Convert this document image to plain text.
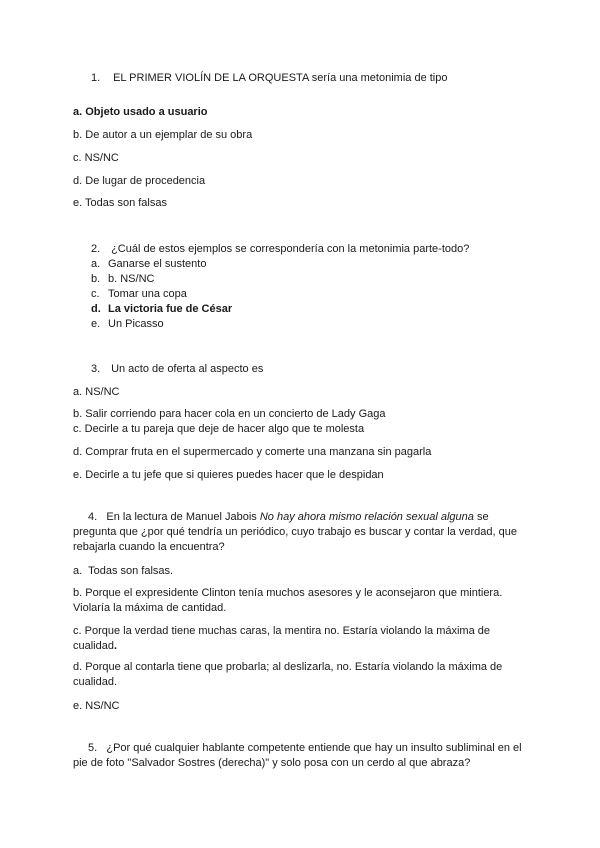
1. EL PRIMER VIOLÍN DE LA ORQUESTA sería una metonimia de tipo

a. Objeto usado a usuario

b. De autor a un ejemplar de su obra

c. NS/NC

d. De lugar de procedencia

e. Todas son falsas

2. ¿Cuál de estos ejemplos se correspondería con la metonimia parte-todo?

a. Ganarse el sustento

b. b. NS/NC

c. Tomar una copa

d. La victoria fue de César

e. Un Picasso

3. Un acto de oferta al aspecto es

a. NS/NC

b. Salir corriendo para hacer cola en un concierto de Lady Gaga

c. Decirle a tu pareja que deje de hacer algo que te molesta

d. Comprar fruta en el supermercado y comerte una manzana sin pagarla

e. Decirle a tu jefe que si quieres puedes hacer que le despidan

4. En la lectura de Manuel Jabois No hay ahora mismo relación sexual alguna se pregunta que ¿por qué tendría un periódico, cuyo trabajo es buscar y contar la verdad, que rebajarla cuando la encuentra?

a. Todas son falsas.

b. Porque el expresidente Clinton tenía muchos asesores y le aconsejaron que mintiera. Violaría la máxima de cantidad.

c. Porque la verdad tiene muchas caras, la mentira no. Estaría violando la máxima de cualidad.

d. Porque al contarla tiene que probarla; al deslizarla, no. Estaría violando la máxima de cualidad.

e. NS/NC

5. ¿Por qué cualquier hablante competente entiende que hay un insulto subliminal en el pie de foto "Salvador Sostres (derecha)" y solo posa con un cerdo al que abraza?
